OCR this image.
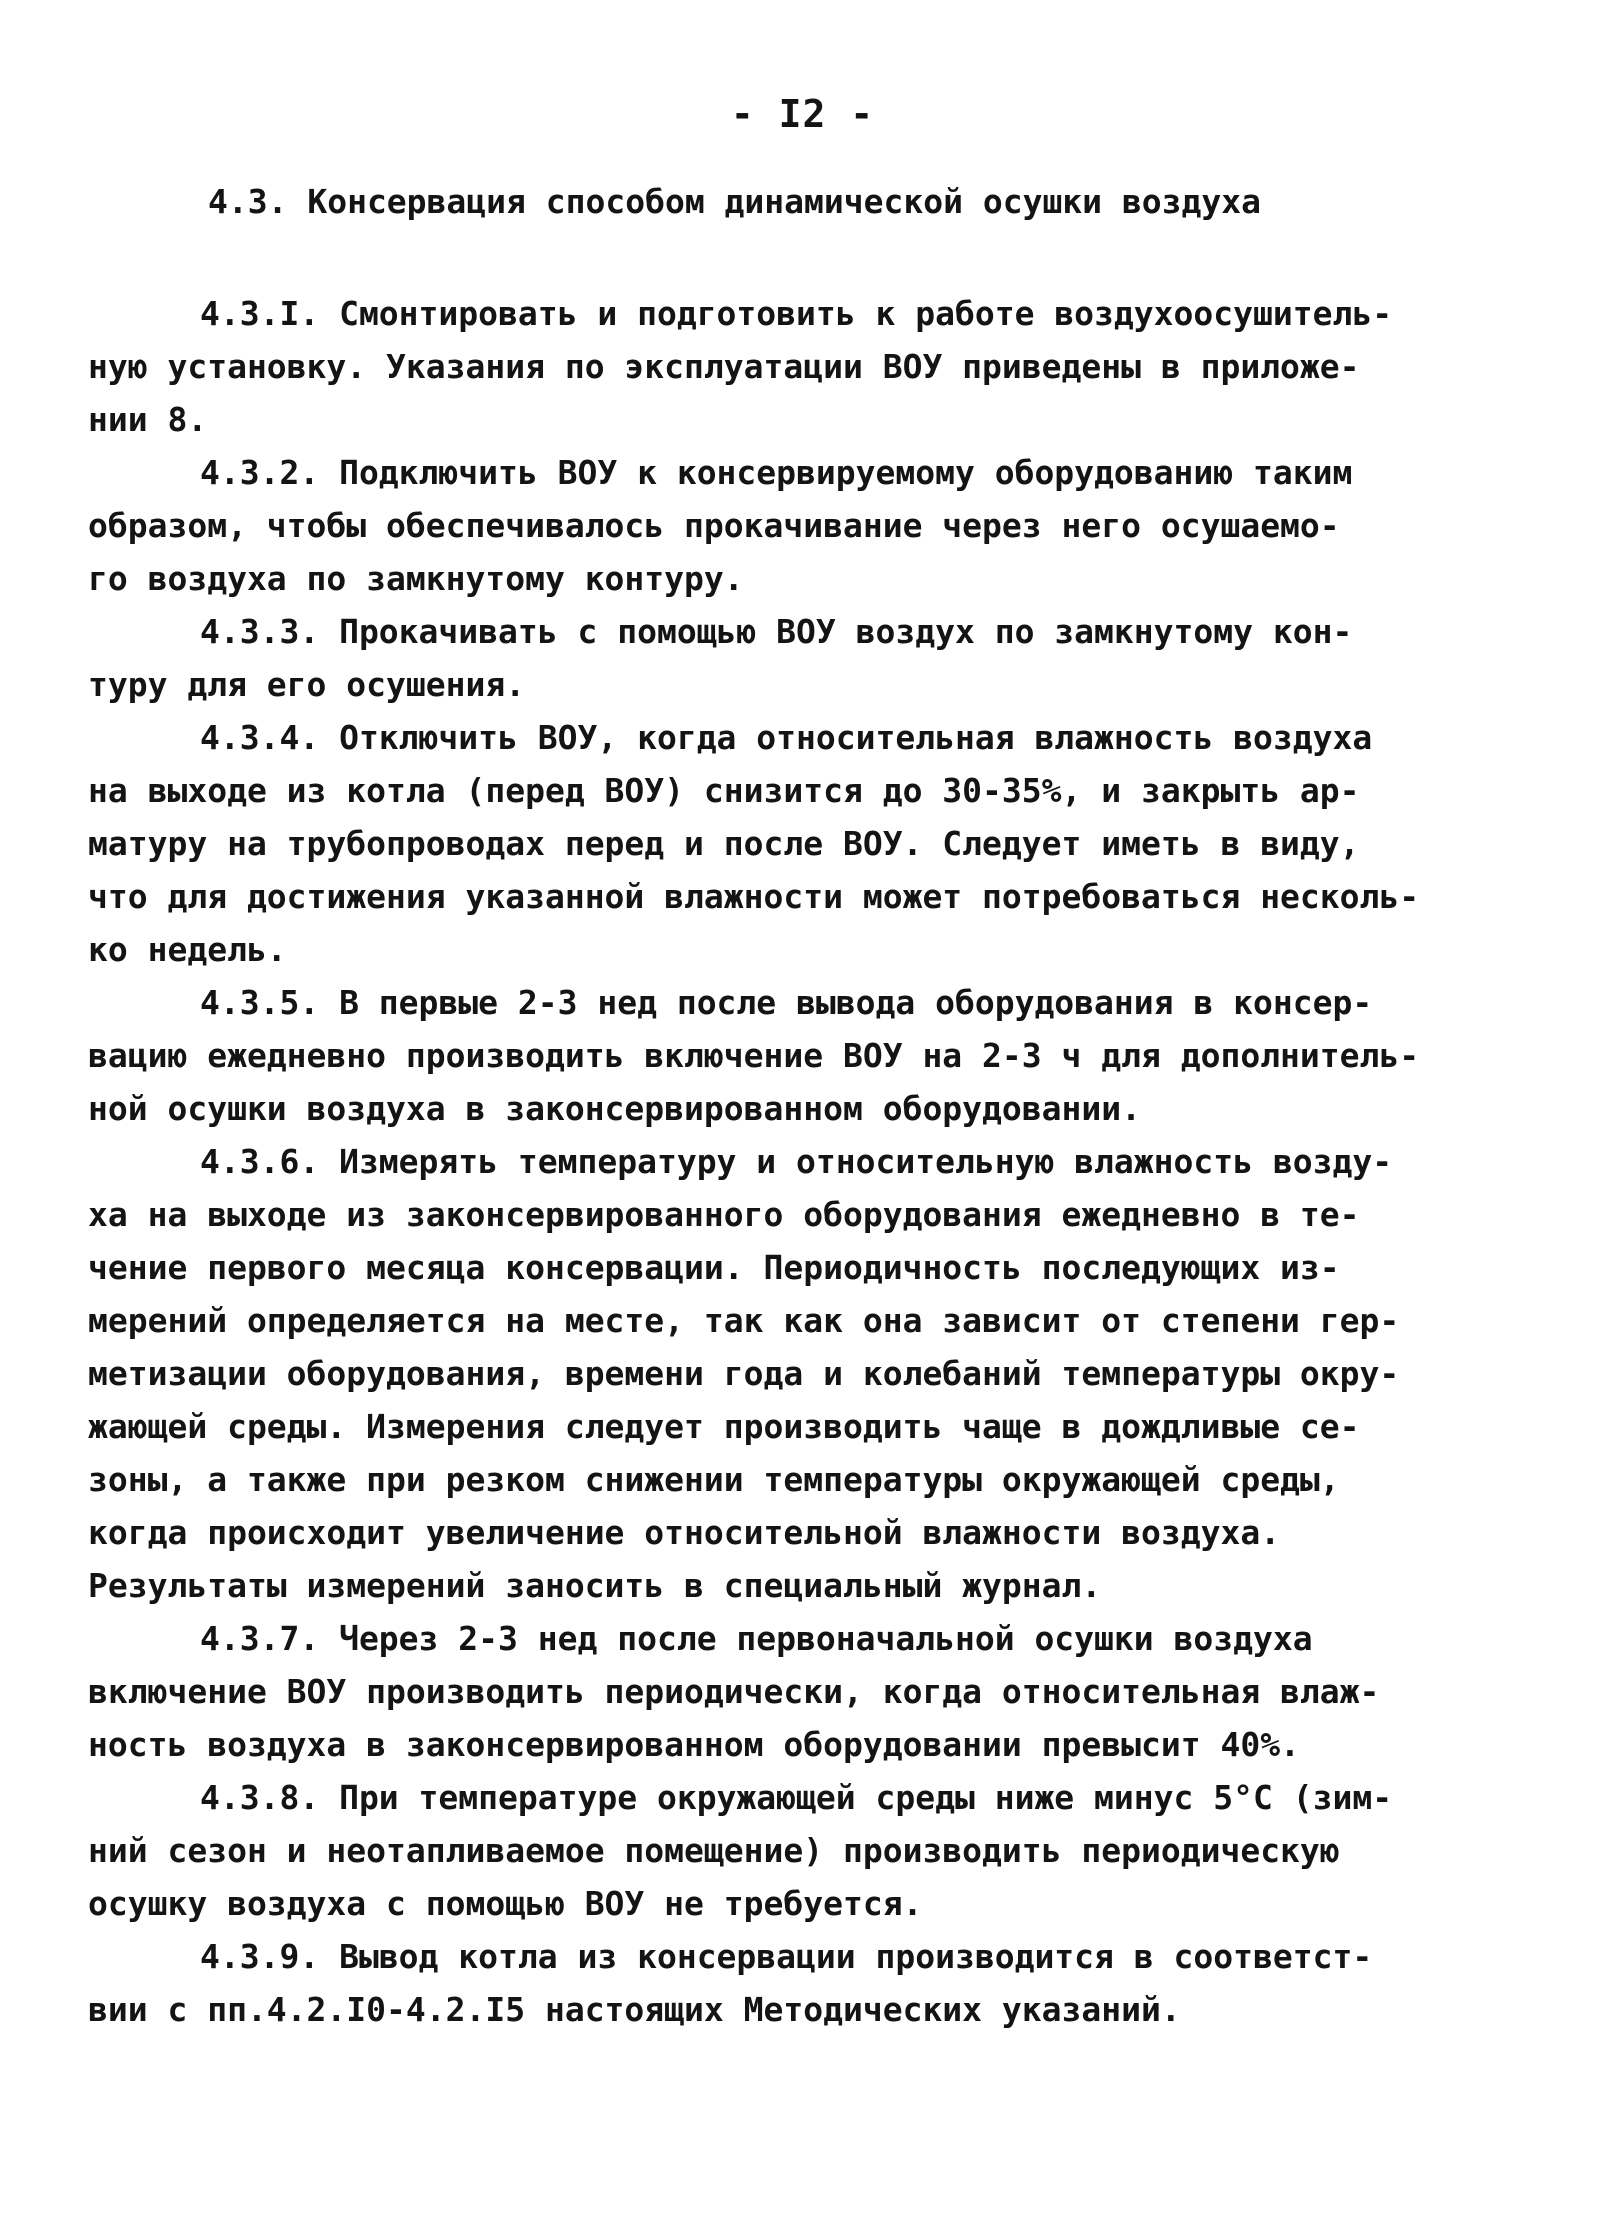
- I2 -
4.3. Консервация способом динамической осушки воздуха
4.3.I. Смонтировать и подготовить к работе воздухоосушитель-
ную установку. Указания по эксплуатации ВОУ приведены в приложе-
нии 8.
4.3.2. Подключить ВОУ к консервируемому оборудованию таким
образом, чтобы обеспечивалось прокачивание через него осушаемо-
го воздуха по замкнутому контуру.
4.3.3. Прокачивать с помощью ВОУ воздух по замкнутому кон-
туру для его осушения.
4.3.4. Отключить ВОУ, когда относительная влажность воздуха
на выходе из котла (перед ВОУ) снизится до 30-35%, и закрыть ар-
матуру на трубопроводах перед и после ВОУ. Следует иметь в виду,
что для достижения указанной влажности может потребоваться несколь-
ко недель.
4.3.5. В первые 2-3 нед после вывода оборудования в консер-
вацию ежедневно производить включение ВОУ на 2-3 ч для дополнитель-
ной осушки воздуха в законсервированном оборудовании.
4.3.6. Измерять температуру и относительную влажность возду-
ха на выходе из законсервированного оборудования ежедневно в те-
чение первого месяца консервации. Периодичность последующих из-
мерений определяется на месте, так как она зависит от степени гер-
метизации оборудования, времени года и колебаний температуры окру-
жающей среды. Измерения следует производить чаще в дождливые се-
зоны, а также при резком снижении температуры окружающей среды,
когда происходит увеличение относительной влажности воздуха.
Результаты измерений заносить в специальный журнал.
4.3.7. Через 2-3 нед после первоначальной осушки воздуха
включение ВОУ производить периодически, когда относительная влаж-
ность воздуха в законсервированном оборудовании превысит 40%.
4.3.8. При температуре окружающей среды ниже минус 5°С (зим-
ний сезон и неотапливаемое помещение) производить периодическую
осушку воздуха с помощью ВОУ не требуется.
4.3.9. Вывод котла из консервации производится в соответст-
вии с пп.4.2.I0-4.2.I5 настоящих Методических указаний.
